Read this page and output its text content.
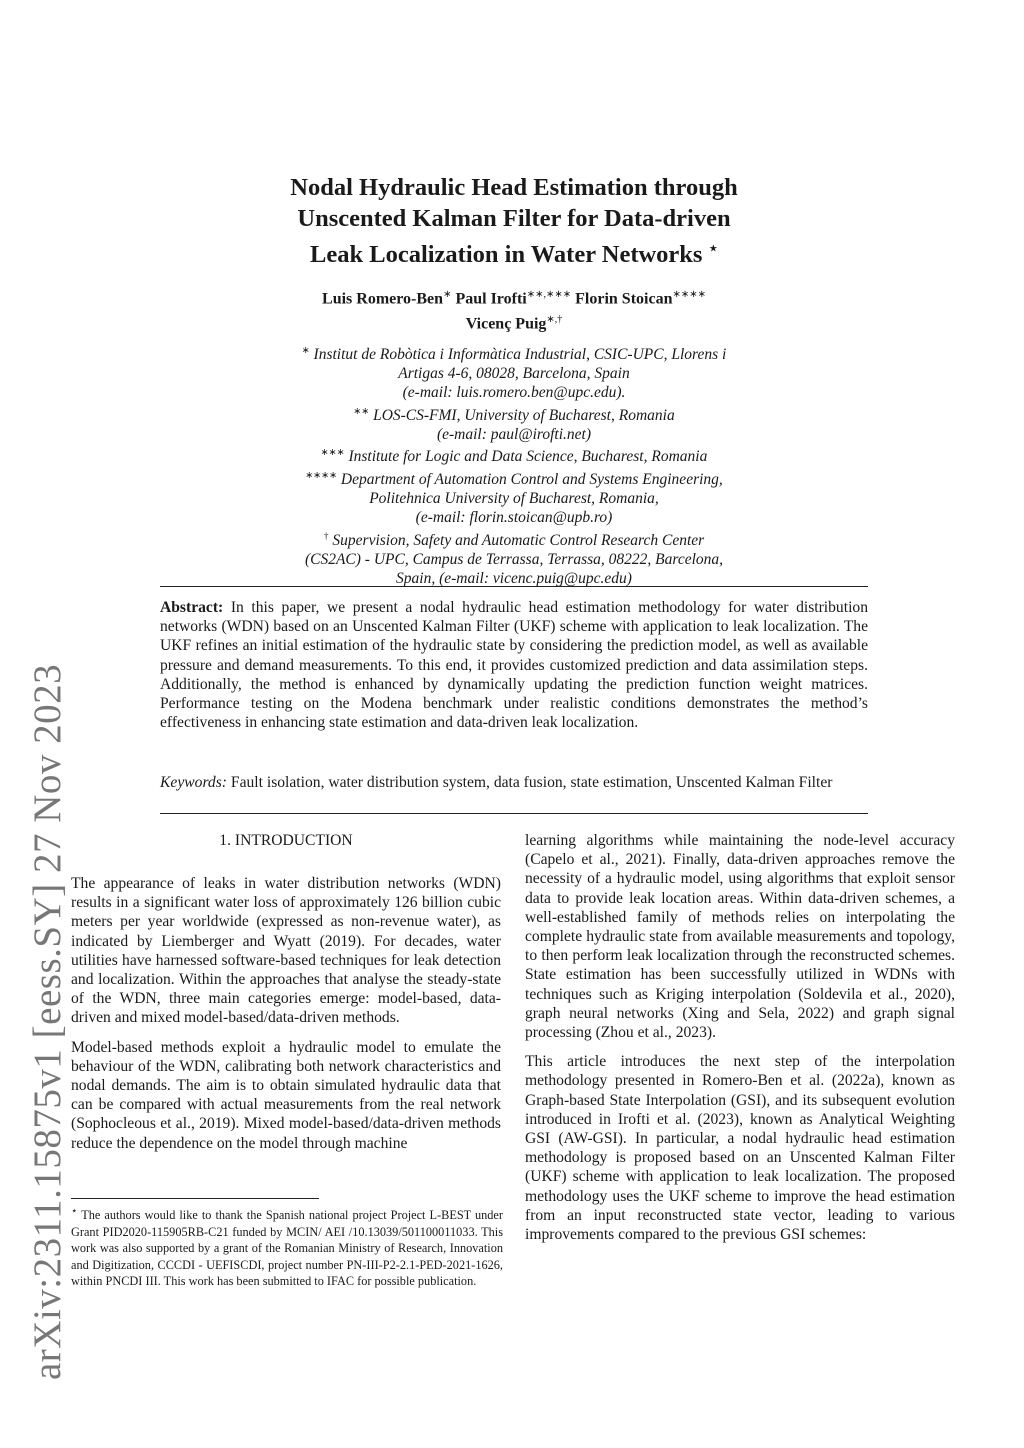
arXiv:2311.15875v1 [eess.SY] 27 Nov 2023
Nodal Hydraulic Head Estimation through
Unscented Kalman Filter for Data-driven
Leak Localization in Water Networks ⋆
Luis Romero-Ben∗ Paul Irofti∗∗,∗∗∗ Florin Stoican∗∗∗∗
Vicenç Puig∗,†
∗ Institut de Robòtica i Informàtica Industrial, CSIC-UPC, Llorens i
Artigas 4-6, 08028, Barcelona, Spain
(e-mail: luis.romero.ben@upc.edu).
∗∗ LOS-CS-FMI, University of Bucharest, Romania
(e-mail: paul@irofti.net)
∗∗∗ Institute for Logic and Data Science, Bucharest, Romania
∗∗∗∗ Department of Automation Control and Systems Engineering,
Politehnica University of Bucharest, Romania,
(e-mail: florin.stoican@upb.ro)
† Supervision, Safety and Automatic Control Research Center
(CS2AC) - UPC, Campus de Terrassa, Terrassa, 08222, Barcelona,
Spain, (e-mail: vicenc.puig@upc.edu)
Abstract: In this paper, we present a nodal hydraulic head estimation methodology for water distribution networks (WDN) based on an Unscented Kalman Filter (UKF) scheme with application to leak localization. The UKF refines an initial estimation of the hydraulic state by considering the prediction model, as well as available pressure and demand measurements. To this end, it provides customized prediction and data assimilation steps. Additionally, the method is enhanced by dynamically updating the prediction function weight matrices. Performance testing on the Modena benchmark under realistic conditions demonstrates the method’s effectiveness in enhancing state estimation and data-driven leak localization.
Keywords: Fault isolation, water distribution system, data fusion, state estimation, Unscented Kalman Filter
1. INTRODUCTION

The appearance of leaks in water distribution networks (WDN) results in a significant water loss of approximately 126 billion cubic meters per year worldwide (expressed as non-revenue water), as indicated by Liemberger and Wyatt (2019). For decades, water utilities have harnessed software-based techniques for leak detection and localization. Within the approaches that analyse the steady-state of the WDN, three main categories emerge: model-based, data-driven and mixed model-based/data-driven methods.

Model-based methods exploit a hydraulic model to emulate the behaviour of the WDN, calibrating both network characteristics and nodal demands. The aim is to obtain simulated hydraulic data that can be compared with actual measurements from the real network (Sophocleous et al., 2019). Mixed model-based/data-driven methods reduce the dependence on the model through machine

⋆ The authors would like to thank the Spanish national project Project L-BEST under Grant PID2020-115905RB-C21 funded by MCIN/ AEI /10.13039/501100011033. This work was also supported by a grant of the Romanian Ministry of Research, Innovation and Digitization, CCCDI - UEFISCDI, project number PN-III-P2-2.1-PED-2021-1626, within PNCDI III. This work has been submitted to IFAC for possible publication.

learning algorithms while maintaining the node-level accuracy (Capelo et al., 2021). Finally, data-driven approaches remove the necessity of a hydraulic model, using algorithms that exploit sensor data to provide leak location areas. Within data-driven schemes, a well-established family of methods relies on interpolating the complete hydraulic state from available measurements and topology, to then perform leak localization through the reconstructed schemes. State estimation has been successfully utilized in WDNs with techniques such as Kriging interpolation (Soldevila et al., 2020), graph neural networks (Xing and Sela, 2022) and graph signal processing (Zhou et al., 2023).

This article introduces the next step of the interpolation methodology presented in Romero-Ben et al. (2022a), known as Graph-based State Interpolation (GSI), and its subsequent evolution introduced in Irofti et al. (2023), known as Analytical Weighting GSI (AW-GSI). In particular, a nodal hydraulic head estimation methodology is proposed based on an Unscented Kalman Filter (UKF) scheme with application to leak localization. The proposed methodology uses the UKF scheme to improve the head estimation from an input reconstructed state vector, leading to various improvements compared to the previous GSI schemes:
